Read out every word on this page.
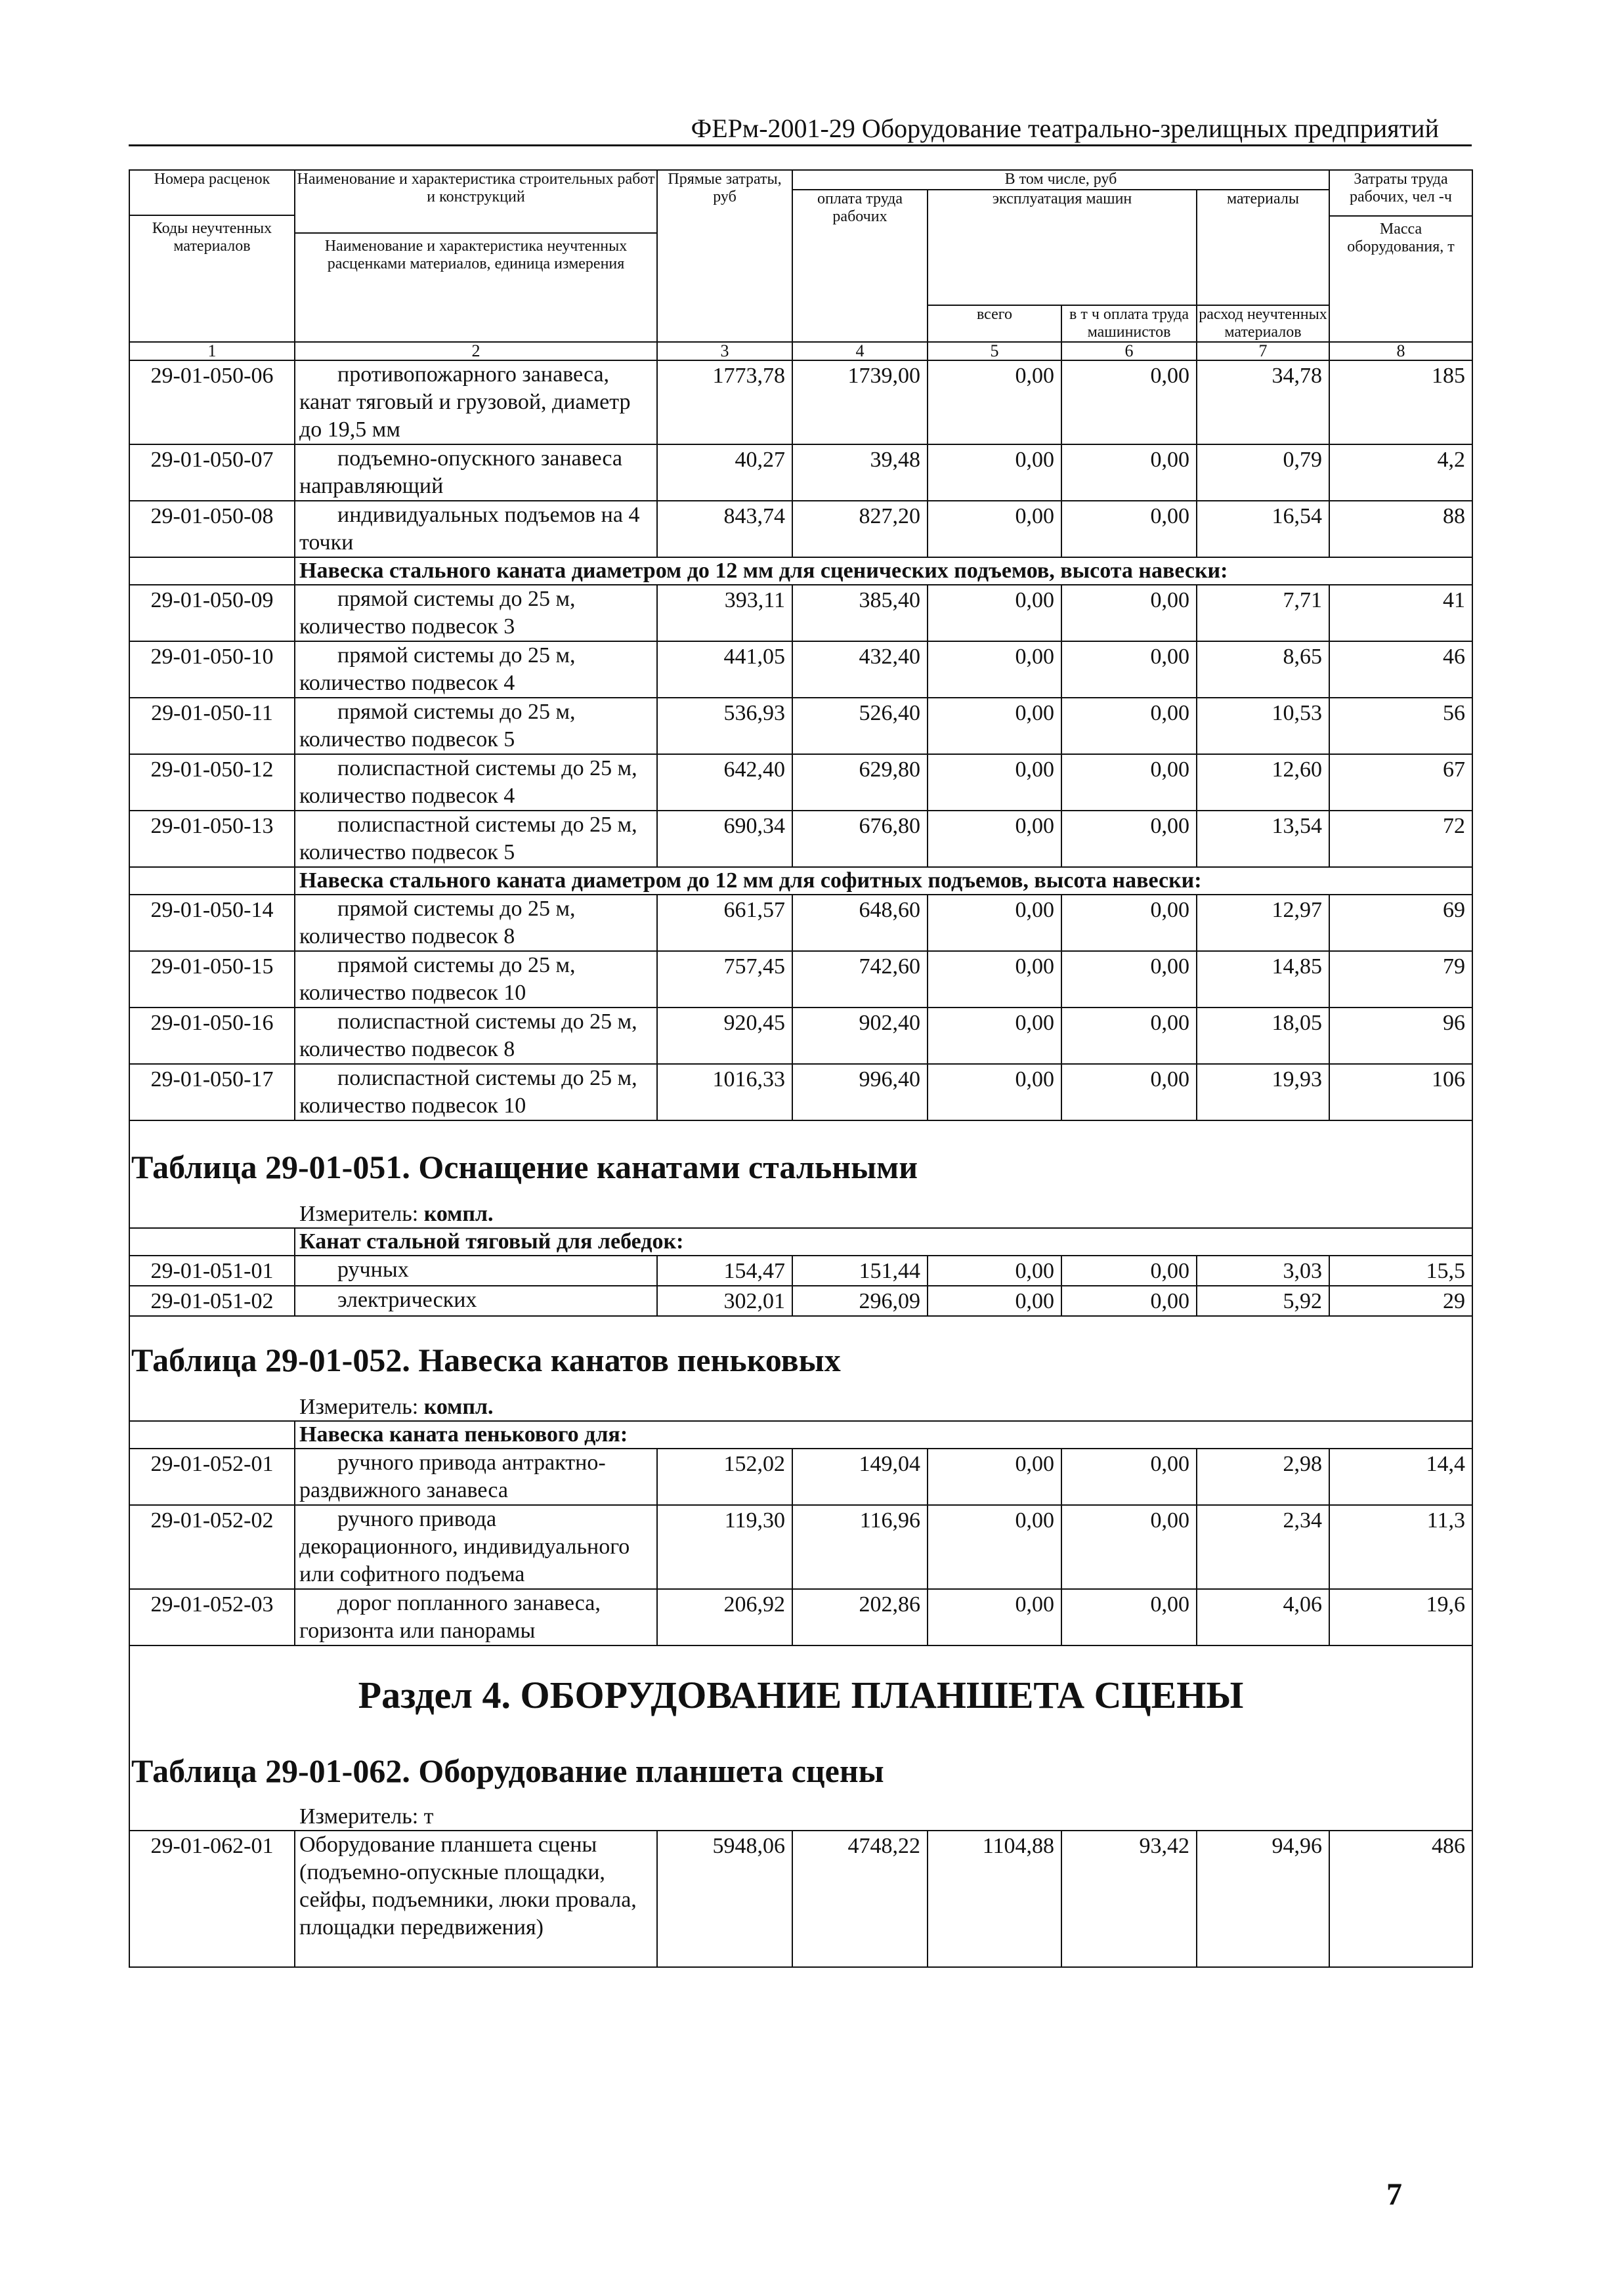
ФЕРм-2001-29 Оборудование театрально-зрелищных предприятий
Номера расценок
Коды неучтенных материалов	Наименование и характеристика строительных работ и конструкций
Наименование и характеристика неучтенных расценками материалов, единица измерения	Прямые затраты, руб	В том числе, руб				Затраты труда рабочих, чел -ч
Масса оборудования, т

			оплата труда рабочих	эксплуатация машин		материалы	
				всего	в т ч оплата труда машинистов	расход неучтенных материалов	
1	2	3	4	5	6	7	8
29-01-050-06	противопожарного занавеса, канат тяговый и грузовой, диаметр до 19,5 мм	1773,78	1739,00	0,00	0,00	34,78	185
29-01-050-07	подъемно-опускного занавеса направляющий	40,27	39,48	0,00	0,00	0,79	4,2
29-01-050-08	индивидуальных подъемов на 4 точки	843,74	827,20	0,00	0,00	16,54	88
	Навеска стального каната диаметром до 12 мм для сценических подъемов, высота навески:						
29-01-050-09	прямой системы до 25 м, количество подвесок 3	393,11	385,40	0,00	0,00	7,71	41
29-01-050-10	прямой системы до 25 м, количество подвесок 4	441,05	432,40	0,00	0,00	8,65	46
29-01-050-11	прямой системы до 25 м, количество подвесок 5	536,93	526,40	0,00	0,00	10,53	56
29-01-050-12	полиспастной системы до 25 м, количество подвесок 4	642,40	629,80	0,00	0,00	12,60	67
29-01-050-13	полиспастной системы до 25 м, количество подвесок 5	690,34	676,80	0,00	0,00	13,54	72
	Навеска стального каната диаметром до 12 мм для софитных подъемов, высота навески:						
29-01-050-14	прямой системы до 25 м, количество подвесок 8	661,57	648,60	0,00	0,00	12,97	69
29-01-050-15	прямой системы до 25 м, количество подвесок 10	757,45	742,60	0,00	0,00	14,85	79
29-01-050-16	полиспастной системы до 25 м, количество подвесок 8	920,45	902,40	0,00	0,00	18,05	96
29-01-050-17	полиспастной системы до 25 м, количество подвесок 10	1016,33	996,40	0,00	0,00	19,93	106
Таблица 29-01-051. Оснащение канатами стальными							
Измеритель: компл.							
	Канат стальной тяговый для лебедок:						
29-01-051-01	ручных	154,47	151,44	0,00	0,00	3,03	15,5
29-01-051-02	электрических	302,01	296,09	0,00	0,00	5,92	29
Таблица 29-01-052. Навеска канатов пеньковых							
Измеритель: компл.							
	Навеска каната пенькового для:						
29-01-052-01	ручного привода антрактно- раздвижного занавеса	152,02	149,04	0,00	0,00	2,98	14,4
29-01-052-02	ручного привода декорационного, индивидуального или софитного подъема	119,30	116,96	0,00	0,00	2,34	11,3
29-01-052-03	дорог попланного занавеса, горизонта или панорамы	206,92	202,86	0,00	0,00	4,06	19,6
Раздел 4. ОБОРУДОВАНИЕ ПЛАНШЕТА СЦЕНЫ							
Таблица 29-01-062. Оборудование планшета сцены							
Измеритель: т							
29-01-062-01	Оборудование планшета сцены (подъемно-опускные площадки, сейфы, подъемники, люки провала, площадки передвижения)	5948,06	4748,22	1104,88	93,42	94,96	486
7
